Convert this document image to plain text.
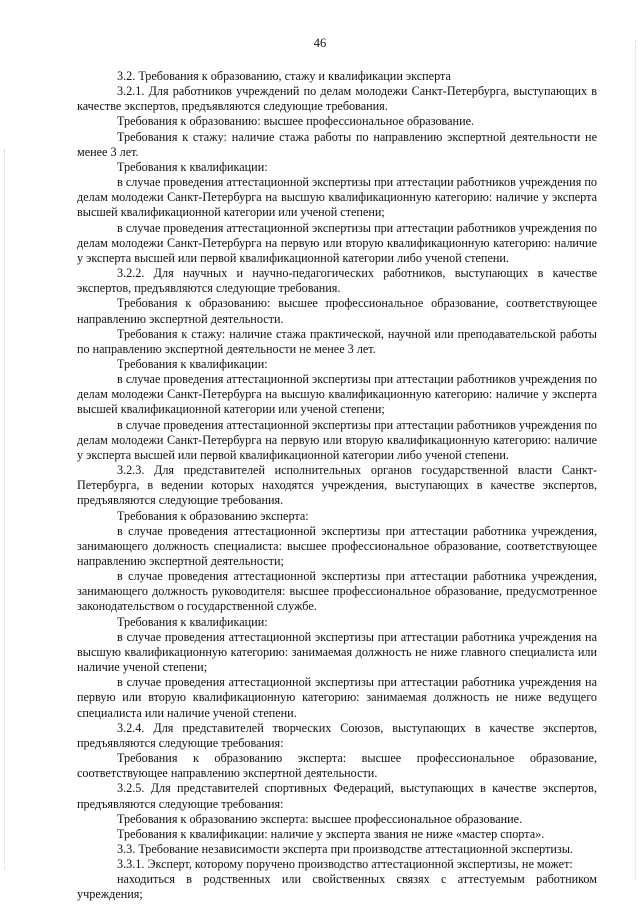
46

3.2. Требования к образованию, стажу и квалификации эксперта

3.2.1. Для работников учреждений по делам молодежи Санкт-Петербурга, выступающих в качестве экспертов, предъявляются следующие требования.

Требования к образованию: высшее профессиональное образование.

Требования к стажу: наличие стажа работы по направлению экспертной деятельности не менее 3 лет.

Требования к квалификации:

в случае проведения аттестационной экспертизы при аттестации работников учреждения по делам молодежи Санкт-Петербурга на высшую квалификационную категорию: наличие у эксперта высшей квалификационной категории или ученой степени;

в случае проведения аттестационной экспертизы при аттестации работников учреждения по делам молодежи Санкт-Петербурга на первую или вторую квалификационную категорию: наличие у эксперта высшей или первой квалификационной категории либо ученой степени.

3.2.2. Для научных и научно-педагогических работников, выступающих в качестве экспертов, предъявляются следующие требования.

Требования к образованию: высшее профессиональное образование, соответствующее направлению экспертной деятельности.

Требования к стажу: наличие стажа практической, научной или преподавательской работы по направлению экспертной деятельности не менее 3 лет.

Требования к квалификации:

в случае проведения аттестационной экспертизы при аттестации работников учреждения по делам молодежи Санкт-Петербурга на высшую квалификационную категорию: наличие у эксперта высшей квалификационной категории или ученой степени;

в случае проведения аттестационной экспертизы при аттестации работников учреждения по делам молодежи Санкт-Петербурга на первую или вторую квалификационную категорию: наличие у эксперта высшей или первой квалификационной категории либо ученой степени.

3.2.3. Для представителей исполнительных органов государственной власти Санкт-Петербурга, в ведении которых находятся учреждения, выступающих в качестве экспертов, предъявляются следующие требования.

Требования к образованию эксперта:

в случае проведения аттестационной экспертизы при аттестации работника учреждения, занимающего должность специалиста: высшее профессиональное образование, соответствующее направлению экспертной деятельности;

в случае проведения аттестационной экспертизы при аттестации работника учреждения, занимающего должность руководителя: высшее профессиональное образование, предусмотренное законодательством о государственной службе.

Требования к квалификации:

в случае проведения аттестационной экспертизы при аттестации работника учреждения на высшую квалификационную категорию: занимаемая должность не ниже главного специалиста или наличие ученой степени;

в случае проведения аттестационной экспертизы при аттестации работника учреждения на первую или вторую квалификационную категорию: занимаемая должность не ниже ведущего специалиста или наличие ученой степени.

3.2.4. Для представителей творческих Союзов, выступающих в качестве экспертов, предъявляются следующие требования:

Требования к образованию эксперта: высшее профессиональное образование, соответствующее направлению экспертной деятельности.

3.2.5. Для представителей спортивных Федераций, выступающих в качестве экспертов, предъявляются следующие требования:

Требования к образованию эксперта: высшее профессиональное образование.

Требования к квалификации: наличие у эксперта звания не ниже «мастер спорта».

3.3. Требование независимости эксперта при производстве аттестационной экспертизы.

3.3.1. Эксперт, которому поручено производство аттестационной экспертизы, не может:

находиться в родственных или свойственных связях с аттестуемым работником учреждения;
